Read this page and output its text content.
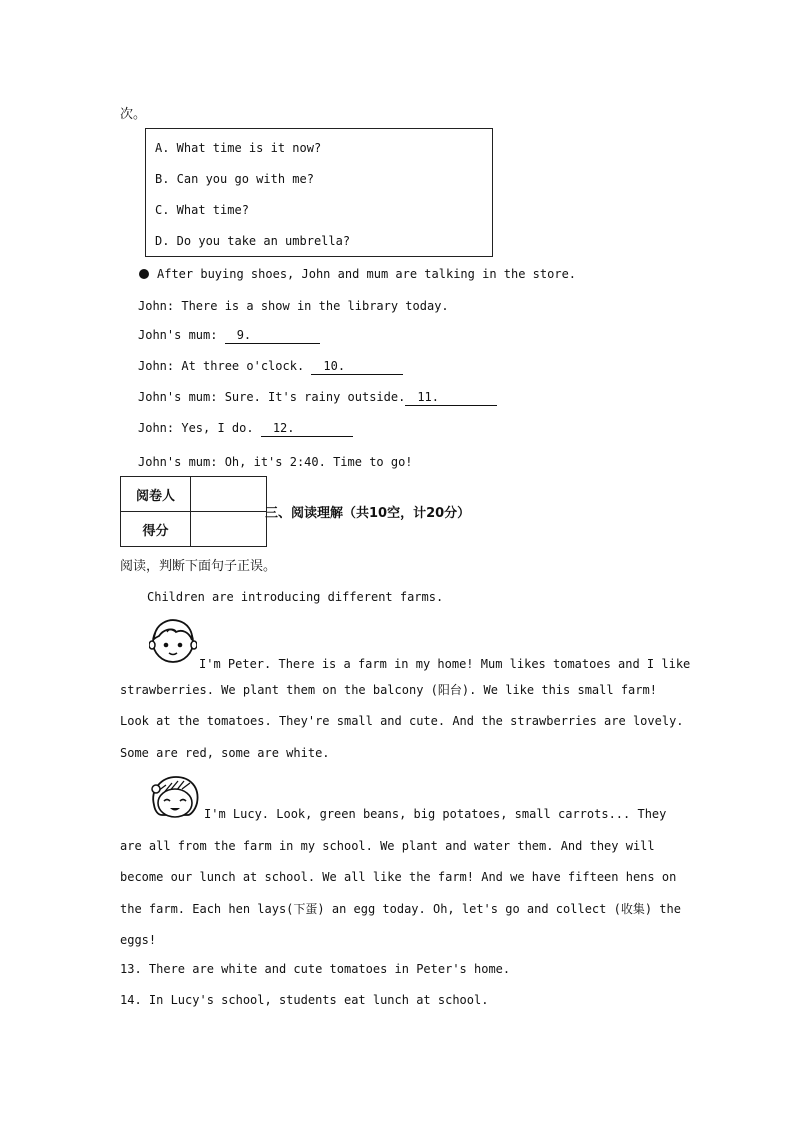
次。
A. What time is it now?
B. Can you go with me?
C. What time?
D. Do you take an umbrella?
After buying shoes, John and mum are talking in the store.
John: There is a show in the library today.
John's mum: 9.
John: At three o'clock. 10.
John's mum: Sure. It's rainy outside. 11.
John: Yes, I do. 12.
John's mum: Oh, it's 2:40. Time to go!
阅卷人	
得分	
三、阅读理解（共10空，计20分）
阅读，判断下面句子正误。
Children are introducing different farms.
I'm Peter. There is a farm in my home! Mum likes tomatoes and I like
strawberries. We plant them on the balcony (阳台). We like this small farm!
Look at the tomatoes. They're small and cute. And the strawberries are lovely.
Some are red, some are white.
I'm Lucy. Look, green beans, big potatoes, small carrots... They
are all from the farm in my school. We plant and water them. And they will
become our lunch at school. We all like the farm! And we have fifteen hens on
the farm. Each hen lays(下蛋) an egg today. Oh, let's go and collect (收集) the
eggs!
13. There are white and cute tomatoes in Peter's home.
14. In Lucy's school, students eat lunch at school.
